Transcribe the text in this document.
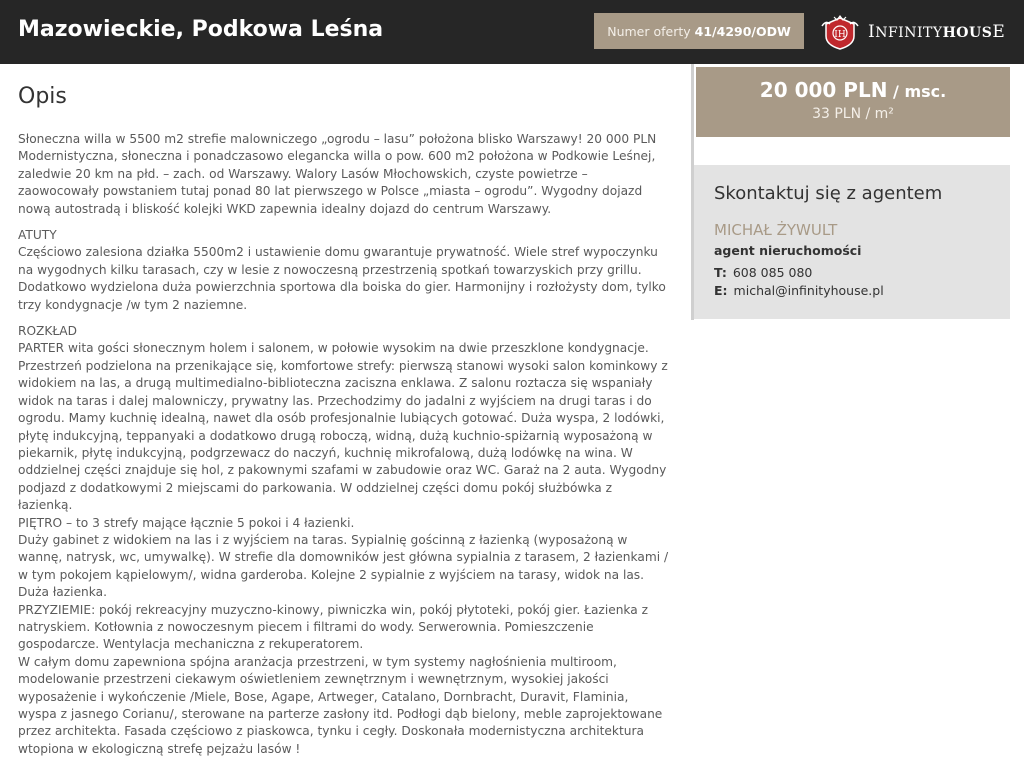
Mazowieckie, Podkowa Leśna	Numer oferty 41/4290/ODW	IH INFINITYHOUSE
Opis

Słoneczna willa w 5500 m2 strefie malowniczego „ogrodu – lasu” położona blisko Warszawy! 20 000 PLN
Modernistyczna, słoneczna i ponadczasowo elegancka willa o pow. 600 m2 położona w Podkowie Leśnej, zaledwie 20 km na płd. – zach. od Warszawy. Walory Lasów Młochowskich, czyste powietrze – zaowocowały powstaniem tutaj ponad 80 lat pierwszego w Polsce „miasta – ogrodu”. Wygodny dojazd nową autostradą i bliskość kolejki WKD zapewnia idealny dojazd do centrum Warszawy.

ATUTY
Częściowo zalesiona działka 5500m2 i ustawienie domu gwarantuje prywatność. Wiele stref wypoczynku na wygodnych kilku tarasach, czy w lesie z nowoczesną przestrzenią spotkań towarzyskich przy grillu. Dodatkowo wydzielona duża powierzchnia sportowa dla boiska do gier. Harmonijny i rozłożysty dom, tylko trzy kondygnacje /w tym 2 naziemne.

ROZKŁAD
PARTER wita gości słonecznym holem i salonem, w połowie wysokim na dwie przeszklone kondygnacje. Przestrzeń podzielona na przenikające się, komfortowe strefy: pierwszą stanowi wysoki salon kominkowy z widokiem na las, a drugą multimedialno-biblioteczna zaciszna enklawa. Z salonu roztacza się wspaniały widok na taras i dalej malowniczy, prywatny las. Przechodzimy do jadalni z wyjściem na drugi taras i do ogrodu. Mamy kuchnię idealną, nawet dla osób profesjonalnie lubiących gotować. Duża wyspa, 2 lodówki, płytę indukcyjną, teppanyaki a dodatkowo drugą roboczą, widną, dużą kuchnio-spiżarnią wyposażoną w piekarnik, płytę indukcyjną, podgrzewacz do naczyń, kuchnię mikrofalową, dużą lodówkę na wina. W oddzielnej części znajduje się hol, z pakownymi szafami w zabudowie oraz WC. Garaż na 2 auta. Wygodny podjazd z dodatkowymi 2 miejscami do parkowania. W oddzielnej części domu pokój służbówka z łazienką.
PIĘTRO – to 3 strefy mające łącznie 5 pokoi i 4 łazienki.
Duży gabinet z widokiem na las i z wyjściem na taras. Sypialnię gościnną z łazienką (wyposażoną w wannę, natrysk, wc, umywalkę). W strefie dla domowników jest główna sypialnia z tarasem, 2 łazienkami / w tym pokojem kąpielowym/, widna garderoba. Kolejne 2 sypialnie z wyjściem na tarasy, widok na las. Duża łazienka.
PRZYZIEMIE: pokój rekreacyjny muzyczno-kinowy, piwniczka win, pokój płytoteki, pokój gier. Łazienka z natryskiem. Kotłownia z nowoczesnym piecem i filtrami do wody. Serwerownia. Pomieszczenie gospodarcze. Wentylacja mechaniczna z rekuperatorem.
W całym domu zapewniona spójna aranżacja przestrzeni, w tym systemy nagłośnienia multiroom, modelowanie przestrzeni ciekawym oświetleniem zewnętrznym i wewnętrznym, wysokiej jakości wyposażenie i wykończenie /Miele, Bose, Agape, Artweger, Catalano, Dornbracht, Duravit, Flaminia, wyspa z jasnego Corianu/, sterowane na parterze zasłony itd. Podłogi dąb bielony, meble zaprojektowane przez architekta. Fasada częściowo z piaskowca, tynku i cegły. Doskonała modernistyczna architektura wtopiona w ekologiczną strefę pejzażu lasów !

20 000 PLN / msc.
33 PLN / m²
Skontaktuj się z agentem
MICHAŁ ŻYWULT
agent nieruchomości
T: 608 085 080
E: michal@infinityhouse.pl
